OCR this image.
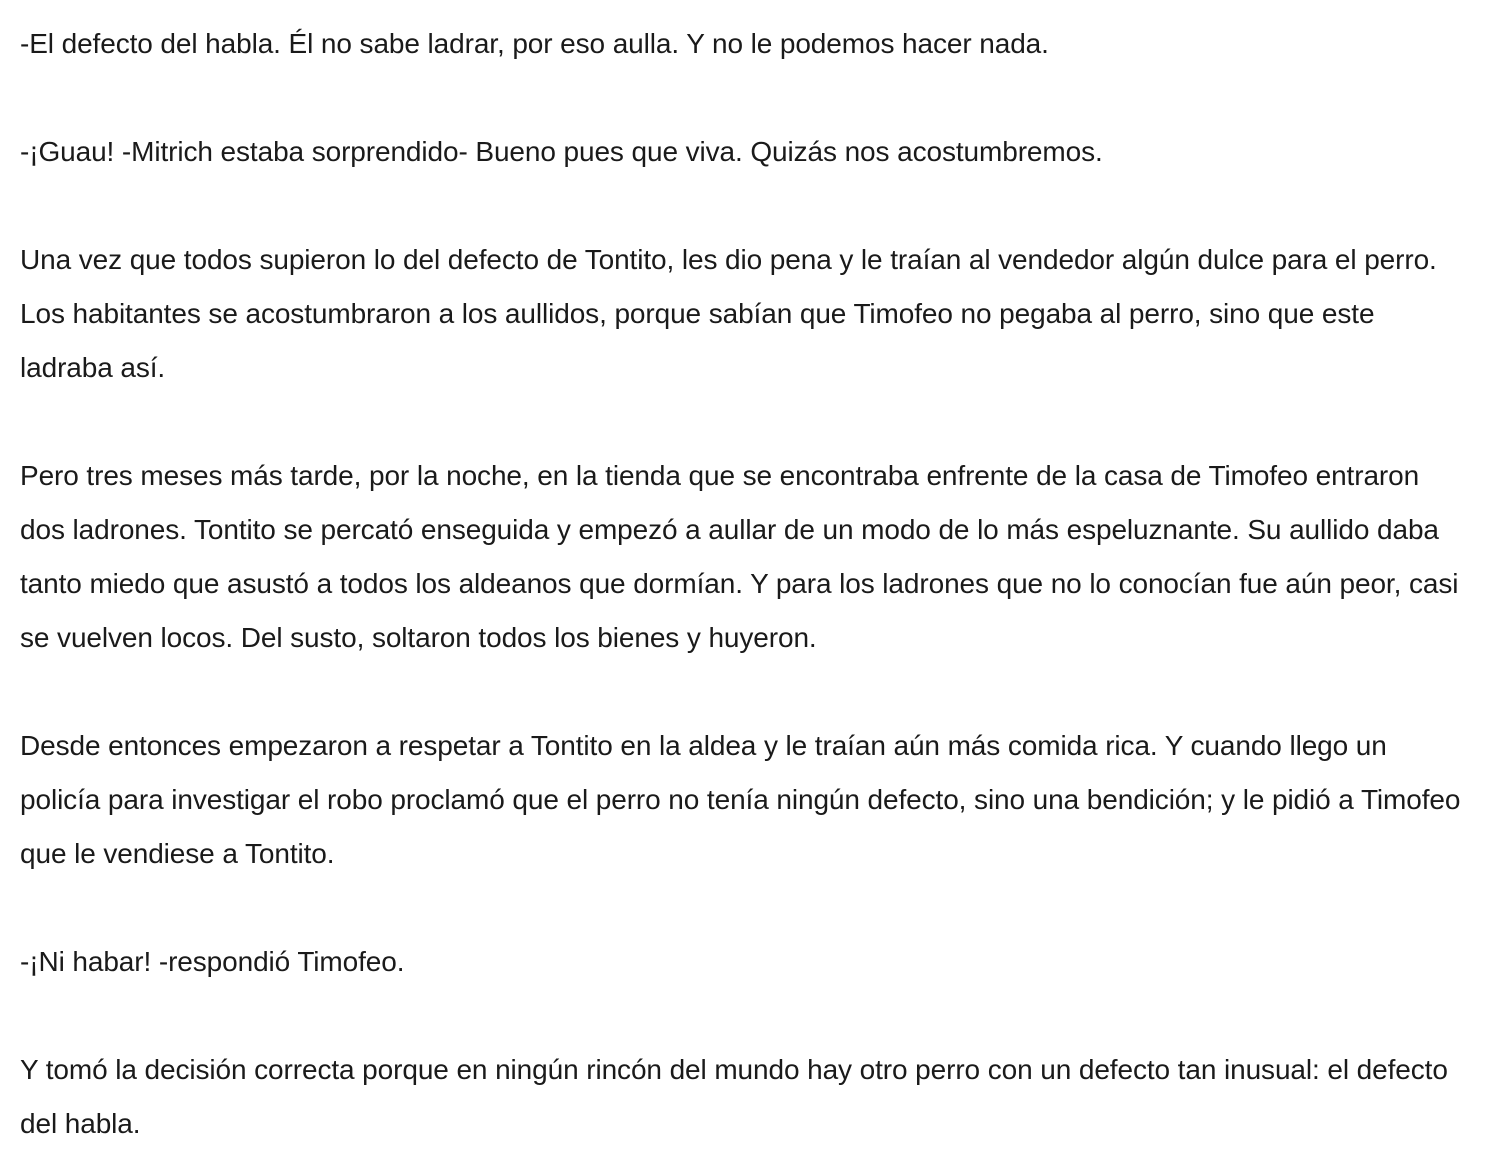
-El defecto del habla. Él no sabe ladrar, por eso aulla. Y no le podemos hacer nada.

-¡Guau! -Mitrich estaba sorprendido- Bueno pues que viva. Quizás nos acostumbremos.

Una vez que todos supieron lo del defecto de Tontito, les dio pena y le traían al vendedor algún dulce para el perro. Los habitantes se acostumbraron a los aullidos, porque sabían que Timofeo no pegaba al perro, sino que este ladraba así.

Pero tres meses más tarde, por la noche, en la tienda que se encontraba enfrente de la casa de Timofeo entraron dos ladrones. Tontito se percató enseguida y empezó a aullar de un modo de lo más espeluznante. Su aullido daba tanto miedo que asustó a todos los aldeanos que dormían. Y para los ladrones que no lo conocían fue aún peor, casi se vuelven locos. Del susto, soltaron todos los bienes y huyeron.

Desde entonces empezaron a respetar a Tontito en la aldea y le traían aún más comida rica. Y cuando llego un policía para investigar el robo proclamó que el perro no tenía ningún defecto, sino una bendición; y le pidió a Timofeo que le vendiese a Tontito.

-¡Ni habar! -respondió Timofeo.

Y tomó la decisión correcta porque en ningún rincón del mundo hay otro perro con un defecto tan inusual: el defecto del habla.
